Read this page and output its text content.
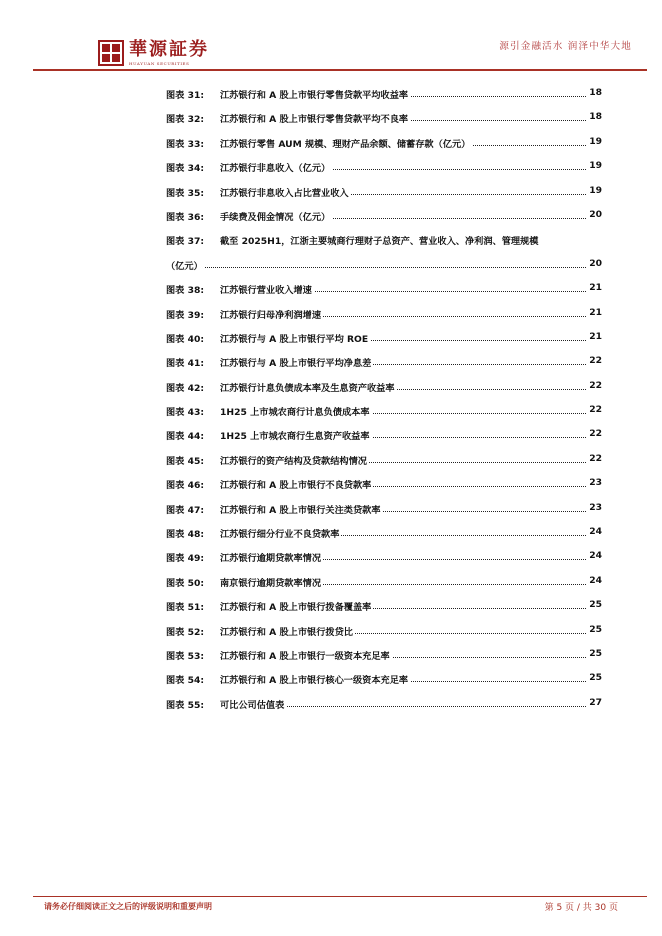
華源証券
HUAYUAN SECURITIES
源引金融活水 润泽中华大地
图表 31: 江苏银行和 A 股上市银行零售贷款平均收益率	18
图表 32: 江苏银行和 A 股上市银行零售贷款平均不良率	18
图表 33: 江苏银行零售 AUM 规模、理财产品余额、储蓄存款（亿元）	19
图表 34: 江苏银行非息收入（亿元）	19
图表 35: 江苏银行非息收入占比营业收入	19
图表 36: 手续费及佣金情况（亿元）	20
图表 37: 截至 2025H1，江浙主要城商行理财子总资产、营业收入、净利润、管理规模
（亿元）	20
图表 38: 江苏银行营业收入增速	21
图表 39: 江苏银行归母净利润增速	21
图表 40: 江苏银行与 A 股上市银行平均 ROE	21
图表 41: 江苏银行与 A 股上市银行平均净息差	22
图表 42: 江苏银行计息负债成本率及生息资产收益率	22
图表 43: 1H25 上市城农商行计息负债成本率	22
图表 44: 1H25 上市城农商行生息资产收益率	22
图表 45: 江苏银行的资产结构及贷款结构情况	22
图表 46: 江苏银行和 A 股上市银行不良贷款率	23
图表 47: 江苏银行和 A 股上市银行关注类贷款率	23
图表 48: 江苏银行细分行业不良贷款率	24
图表 49: 江苏银行逾期贷款率情况	24
图表 50: 南京银行逾期贷款率情况	24
图表 51: 江苏银行和 A 股上市银行拨备覆盖率	25
图表 52: 江苏银行和 A 股上市银行拨贷比	25
图表 53: 江苏银行和 A 股上市银行一级资本充足率	25
图表 54: 江苏银行和 A 股上市银行核心一级资本充足率	25
图表 55: 可比公司估值表	27
请务必仔细阅读正文之后的评级说明和重要声明	第 5 页 / 共 30 页
